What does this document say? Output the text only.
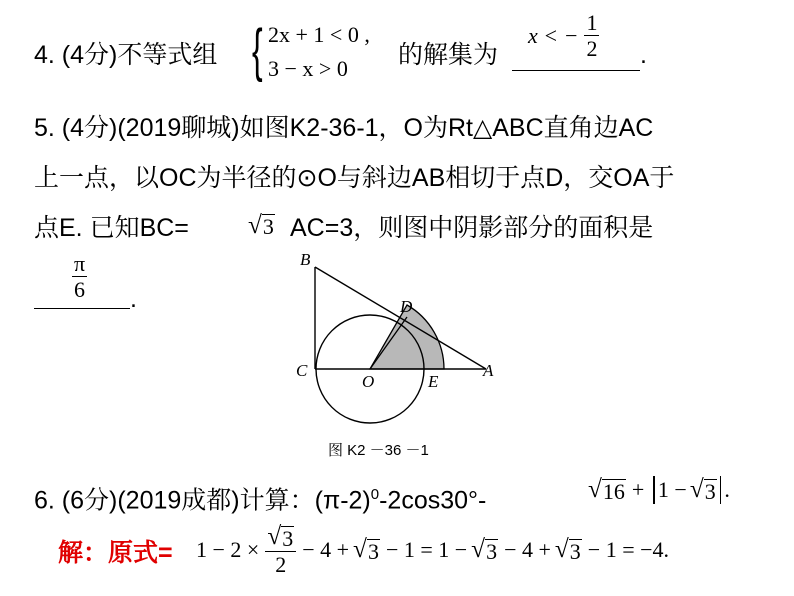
4. (4分)不等式组 { 2x + 1 < 0 ,
3 − x > 0 的解集为
x < − $\frac{1}{2}$ .
5. (4分)(2019聊城)如图K2-36-1，O为Rt△ABC直角边AC
上一点，以OC为半径的⊙O与斜边AB相切于点D，交OA于
点E. 已知BC= √ 3 AC=3，则图中阴影部分的面积是
$\frac{\pi}{6}$ .
B
C
O
D
E
A
图 K2 －36 －1
6. (6分)(2019成都)计算：$(\pi-2)^0-2\cos 30^\circ-$	√ 16 + 1 − √ 3 .
解：原式= $1 - 2 \times \frac{√ 3}{2} - 4$ + √ 3 − 1 = 1 − √ 3 − 4 + √ 3 − 1 = −4.
